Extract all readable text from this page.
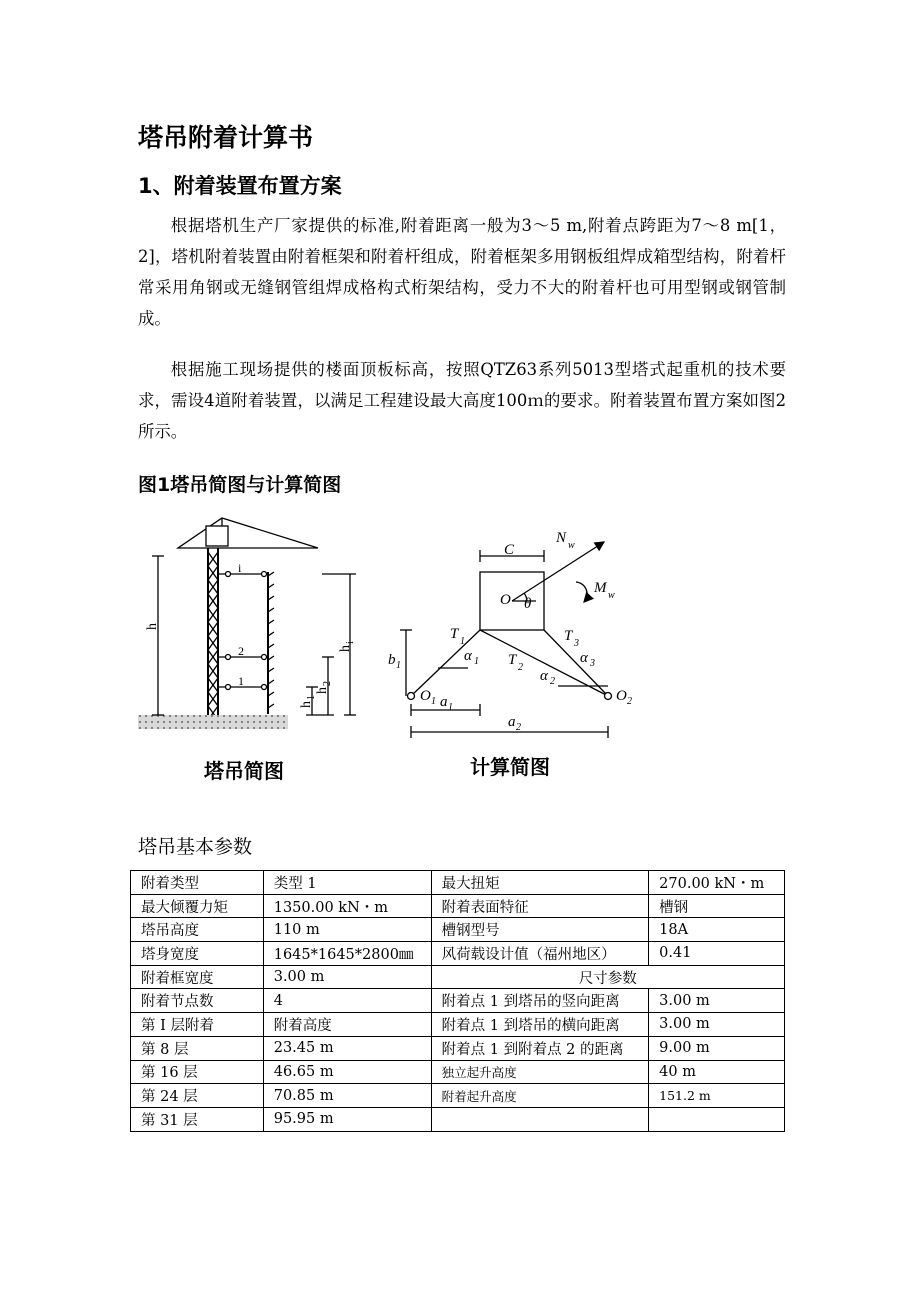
塔吊附着计算书
1、附着装置布置方案

根据塔机生产厂家提供的标准,附着距离一般为3～5 m,附着点跨距为7～8 m[1，2]，塔机附着装置由附着框架和附着杆组成，附着框架多用钢板组焊成箱型结构，附着杆常采用角钢或无缝钢管组焊成格构式桁架结构，受力不大的附着杆也可用型钢或钢管制成。

根据施工现场提供的楼面顶板标高，按照QTZ63系列5013型塔式起重机的技术要求，需设4道附着装置，以满足工程建设最大高度100ｍ的要求。附着装置布置方案如图2 所示。

图1塔吊简图与计算简图
h
i
2
1
h
i
h
2
h
1
塔吊简图
C
N w
M w
O θ
T 1
T 2
T 3
α 1
α 2
α 3
b 1
O 1	O 2
a 1
a 2
计算简图

塔吊基本参数

附着类型	类型 1	最大扭矩	270.00 kN・m
最大倾覆力矩	1350.00 kN・m	附着表面特征	槽钢
塔吊高度	110 m	槽钢型号	18A
塔身宽度	1645*1645*2800㎜	风荷载设计值（福州地区）	0.41
附着框宽度	3.00 m	尺寸参数	
附着节点数	4	附着点 1 到塔吊的竖向距离	3.00 m
第 I 层附着	附着高度	附着点 1 到塔吊的横向距离	3.00 m
第 8 层	23.45 m	附着点 1 到附着点 2 的距离	9.00 m
第 16 层	46.65 m	独立起升高度	40 m
第 24 层	70.85 m	附着起升高度	151.2 m
第 31 层	95.95 m		
